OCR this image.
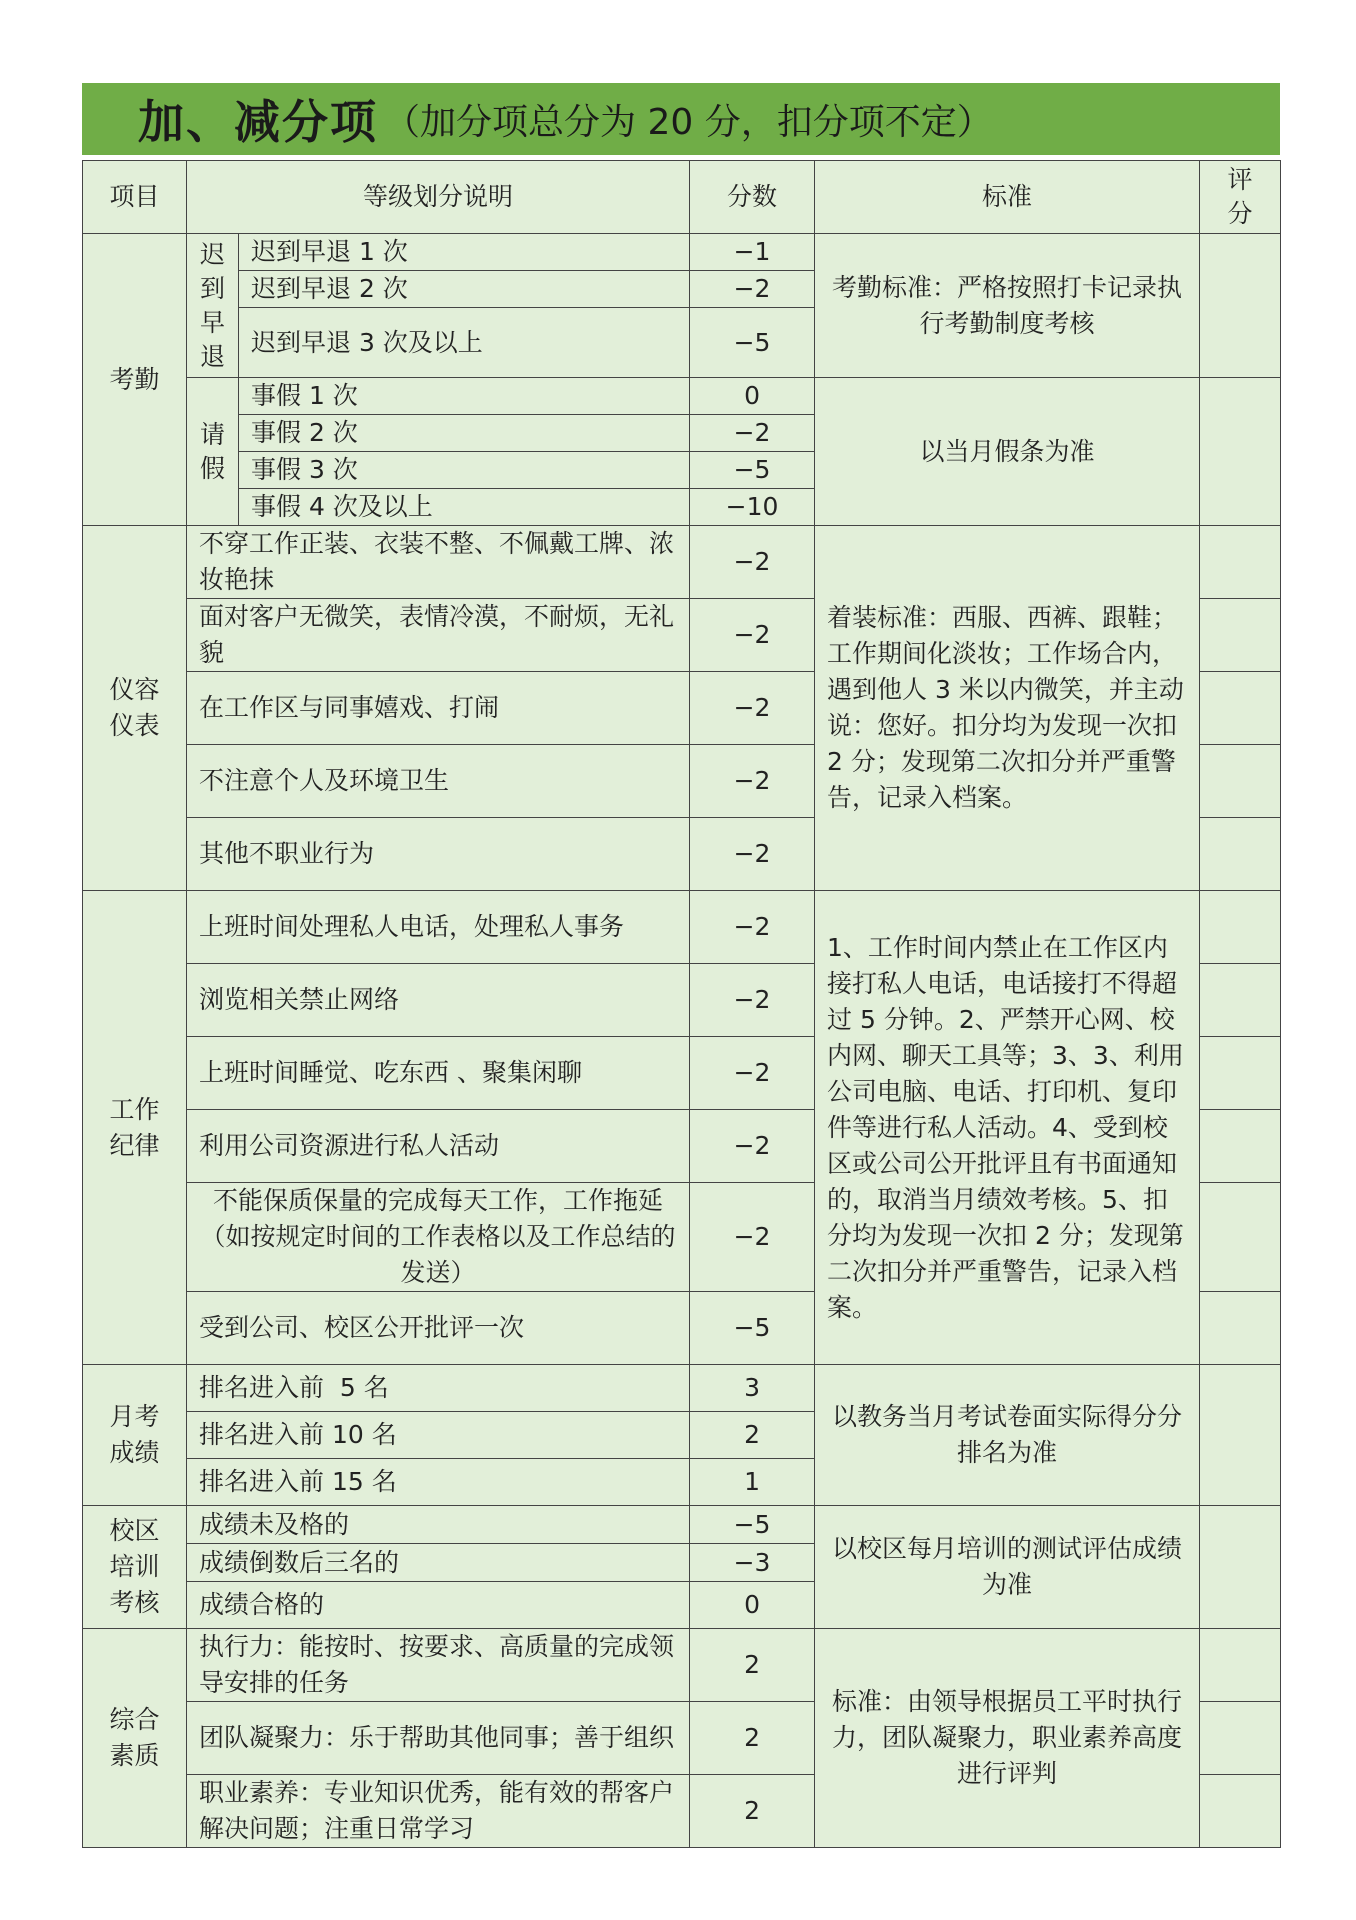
加、减分项 （加分项总分为 20 分，扣分项不定）
项目	等级划分说明		分数	标准	评分

考勤	迟到早退	迟到早退 1 次	−1	考勤标准：严格按照打卡记录执行考勤制度考核	
		迟到早退 2 次	−2		
		迟到早退 3 次及以上	−5		

	请假	事假 1 次	0	以当月假条为准	
		事假 2 次	−2		
		事假 3 次	−5		
		事假 4 次及以上	−10		

仪容仪表	不穿工作正装、衣装不整、不佩戴工牌、浓妆艳抹		−2	着装标准：西服、西裤、跟鞋；工作期间化淡妆；工作场合内，遇到他人 3 米以内微笑，并主动说：您好。扣分均为发现一次扣 2 分；发现第二次扣分并严重警告，记录入档案。	
	面对客户无微笑，表情冷漠，不耐烦，无礼貌		−2		
	在工作区与同事嬉戏、打闹		−2		
	不注意个人及环境卫生		−2		
	其他不职业行为		−2		

工作纪律	上班时间处理私人电话，处理私人事务		−2	1、工作时间内禁止在工作区内接打私人电话，电话接打不得超过 5 分钟。2、严禁开心网、校内网、聊天工具等；3、3、利用公司电脑、电话、打印机、复印件等进行私人活动。4、受到校区或公司公开批评且有书面通知的，取消当月绩效考核。5、扣分均为发现一次扣 2 分；发现第二次扣分并严重警告，记录入档案。	
	浏览相关禁止网络		−2		
	上班时间睡觉、吃东西 、聚集闲聊		−2		
	利用公司资源进行私人活动		−2		
	不能保质保量的完成每天工作，工作拖延（如按规定时间的工作表格以及工作总结的发送）		−2		
	受到公司、校区公开批评一次		−5		

月考成绩	排名进入前  5 名		3	以教务当月考试卷面实际得分分排名为准	
	排名进入前 10 名		2		
	排名进入前 15 名		1		

校区培训考核	成绩未及格的		−5	以校区每月培训的测试评估成绩为准	
	成绩倒数后三名的		−3		
	成绩合格的		0		

综合素质	执行力：能按时、按要求、高质量的完成领导安排的任务		2	标准：由领导根据员工平时执行力，团队凝聚力，职业素养高度进行评判	
	团队凝聚力：乐于帮助其他同事；善于组织		2		
	职业素养：专业知识优秀，能有效的帮客户解决问题；注重日常学习		2		
